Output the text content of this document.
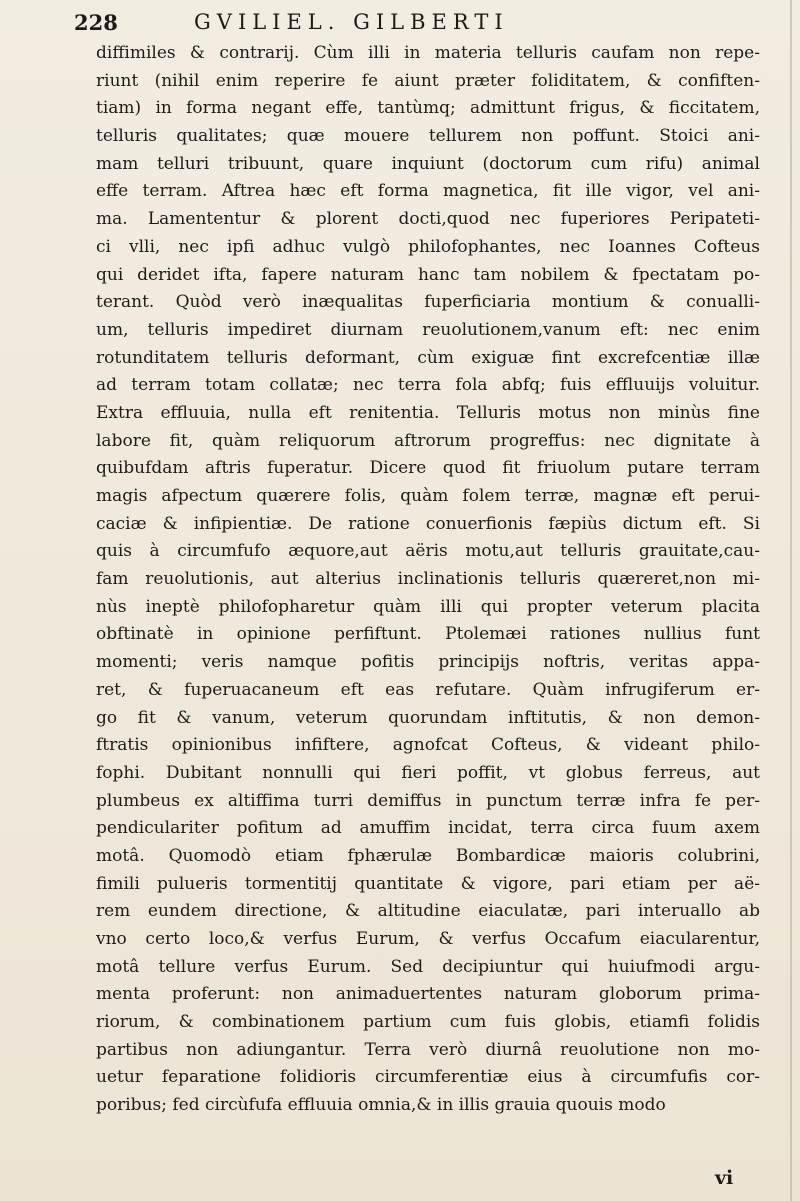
228	GVILIEL. GILBERTI
diffimiles & contrarij. Cùm illi in materia telluris caufam non repe-
riunt (nihil enim reperire fe aiunt præter foliditatem, & confiften-
tiam) in forma negant effe, tantùmq; admittunt frigus, & ficcitatem,
telluris qualitates; quæ mouere tellurem non poffunt. Stoici ani-
mam telluri tribuunt, quare inquiunt (doctorum cum rifu) animal
effe terram. Aftrea hæc eft forma magnetica, fit ille vigor, vel ani-
ma. Lamententur & plorent docti,quod nec fuperiores Peripateti-
ci vlli, nec ipfi adhuc vulgò philofophantes, nec Ioannes Cofteus
qui deridet ifta, fapere naturam hanc tam nobilem & fpectatam po-
terant. Quòd verò inæqualitas fuperficiaria montium & conualli-
um, telluris impediret diurnam reuolutionem,vanum eft: nec enim
rotunditatem telluris deformant, cùm exiguæ fint excrefcentiæ illæ
ad terram totam collatæ; nec terra fola abfq; fuis effluuijs voluitur.
Extra effluuia, nulla eft renitentia. Telluris motus non minùs fine
labore fit, quàm reliquorum aftrorum progreffus: nec dignitate à
quibufdam aftris fuperatur. Dicere quod fit friuolum putare terram
magis afpectum quærere folis, quàm folem terræ, magnæ eft perui-
caciæ & infipientiæ. De ratione conuerfionis fæpiùs dictum eft. Si
quis à circumfufo æquore,aut aëris motu,aut telluris grauitate,cau-
fam reuolutionis, aut alterius inclinationis telluris quæreret,non mi-
nùs ineptè philofopharetur quàm illi qui propter veterum placita
obftinatè in opinione perfiftunt. Ptolemæi rationes nullius funt
momenti; veris namque pofitis principijs noftris, veritas appa-
ret, & fuperuacaneum eft eas refutare. Quàm infrugiferum er-
go fit & vanum, veterum quorundam inftitutis, & non demon-
ftratis opinionibus infiftere, agnofcat Cofteus, & videant philo-
fophi. Dubitant nonnulli qui fieri poffit, vt globus ferreus, aut
plumbeus ex altiffima turri demiffus in punctum terræ infra fe per-
pendiculariter pofitum ad amuffim incidat, terra circa fuum axem
motâ. Quomodò etiam fphærulæ Bombardicæ maioris colubrini,
fimili pulueris tormentitij quantitate & vigore, pari etiam per aë-
rem eundem directione, & altitudine eiaculatæ, pari interuallo ab
vno certo loco,& verfus Eurum, & verfus Occafum eiacularentur,
motâ tellure verfus Eurum. Sed decipiuntur qui huiufmodi argu-
menta proferunt: non animaduertentes naturam globorum prima-
riorum, & combinationem partium cum fuis globis, etiamfi folidis
partibus non adiungantur. Terra verò diurnâ reuolutione non mo-
uetur feparatione folidioris circumferentiæ eius à circumfufis cor-
poribus; fed circùfufa effluuia omnia,& in illis grauia quouis modo
vi
